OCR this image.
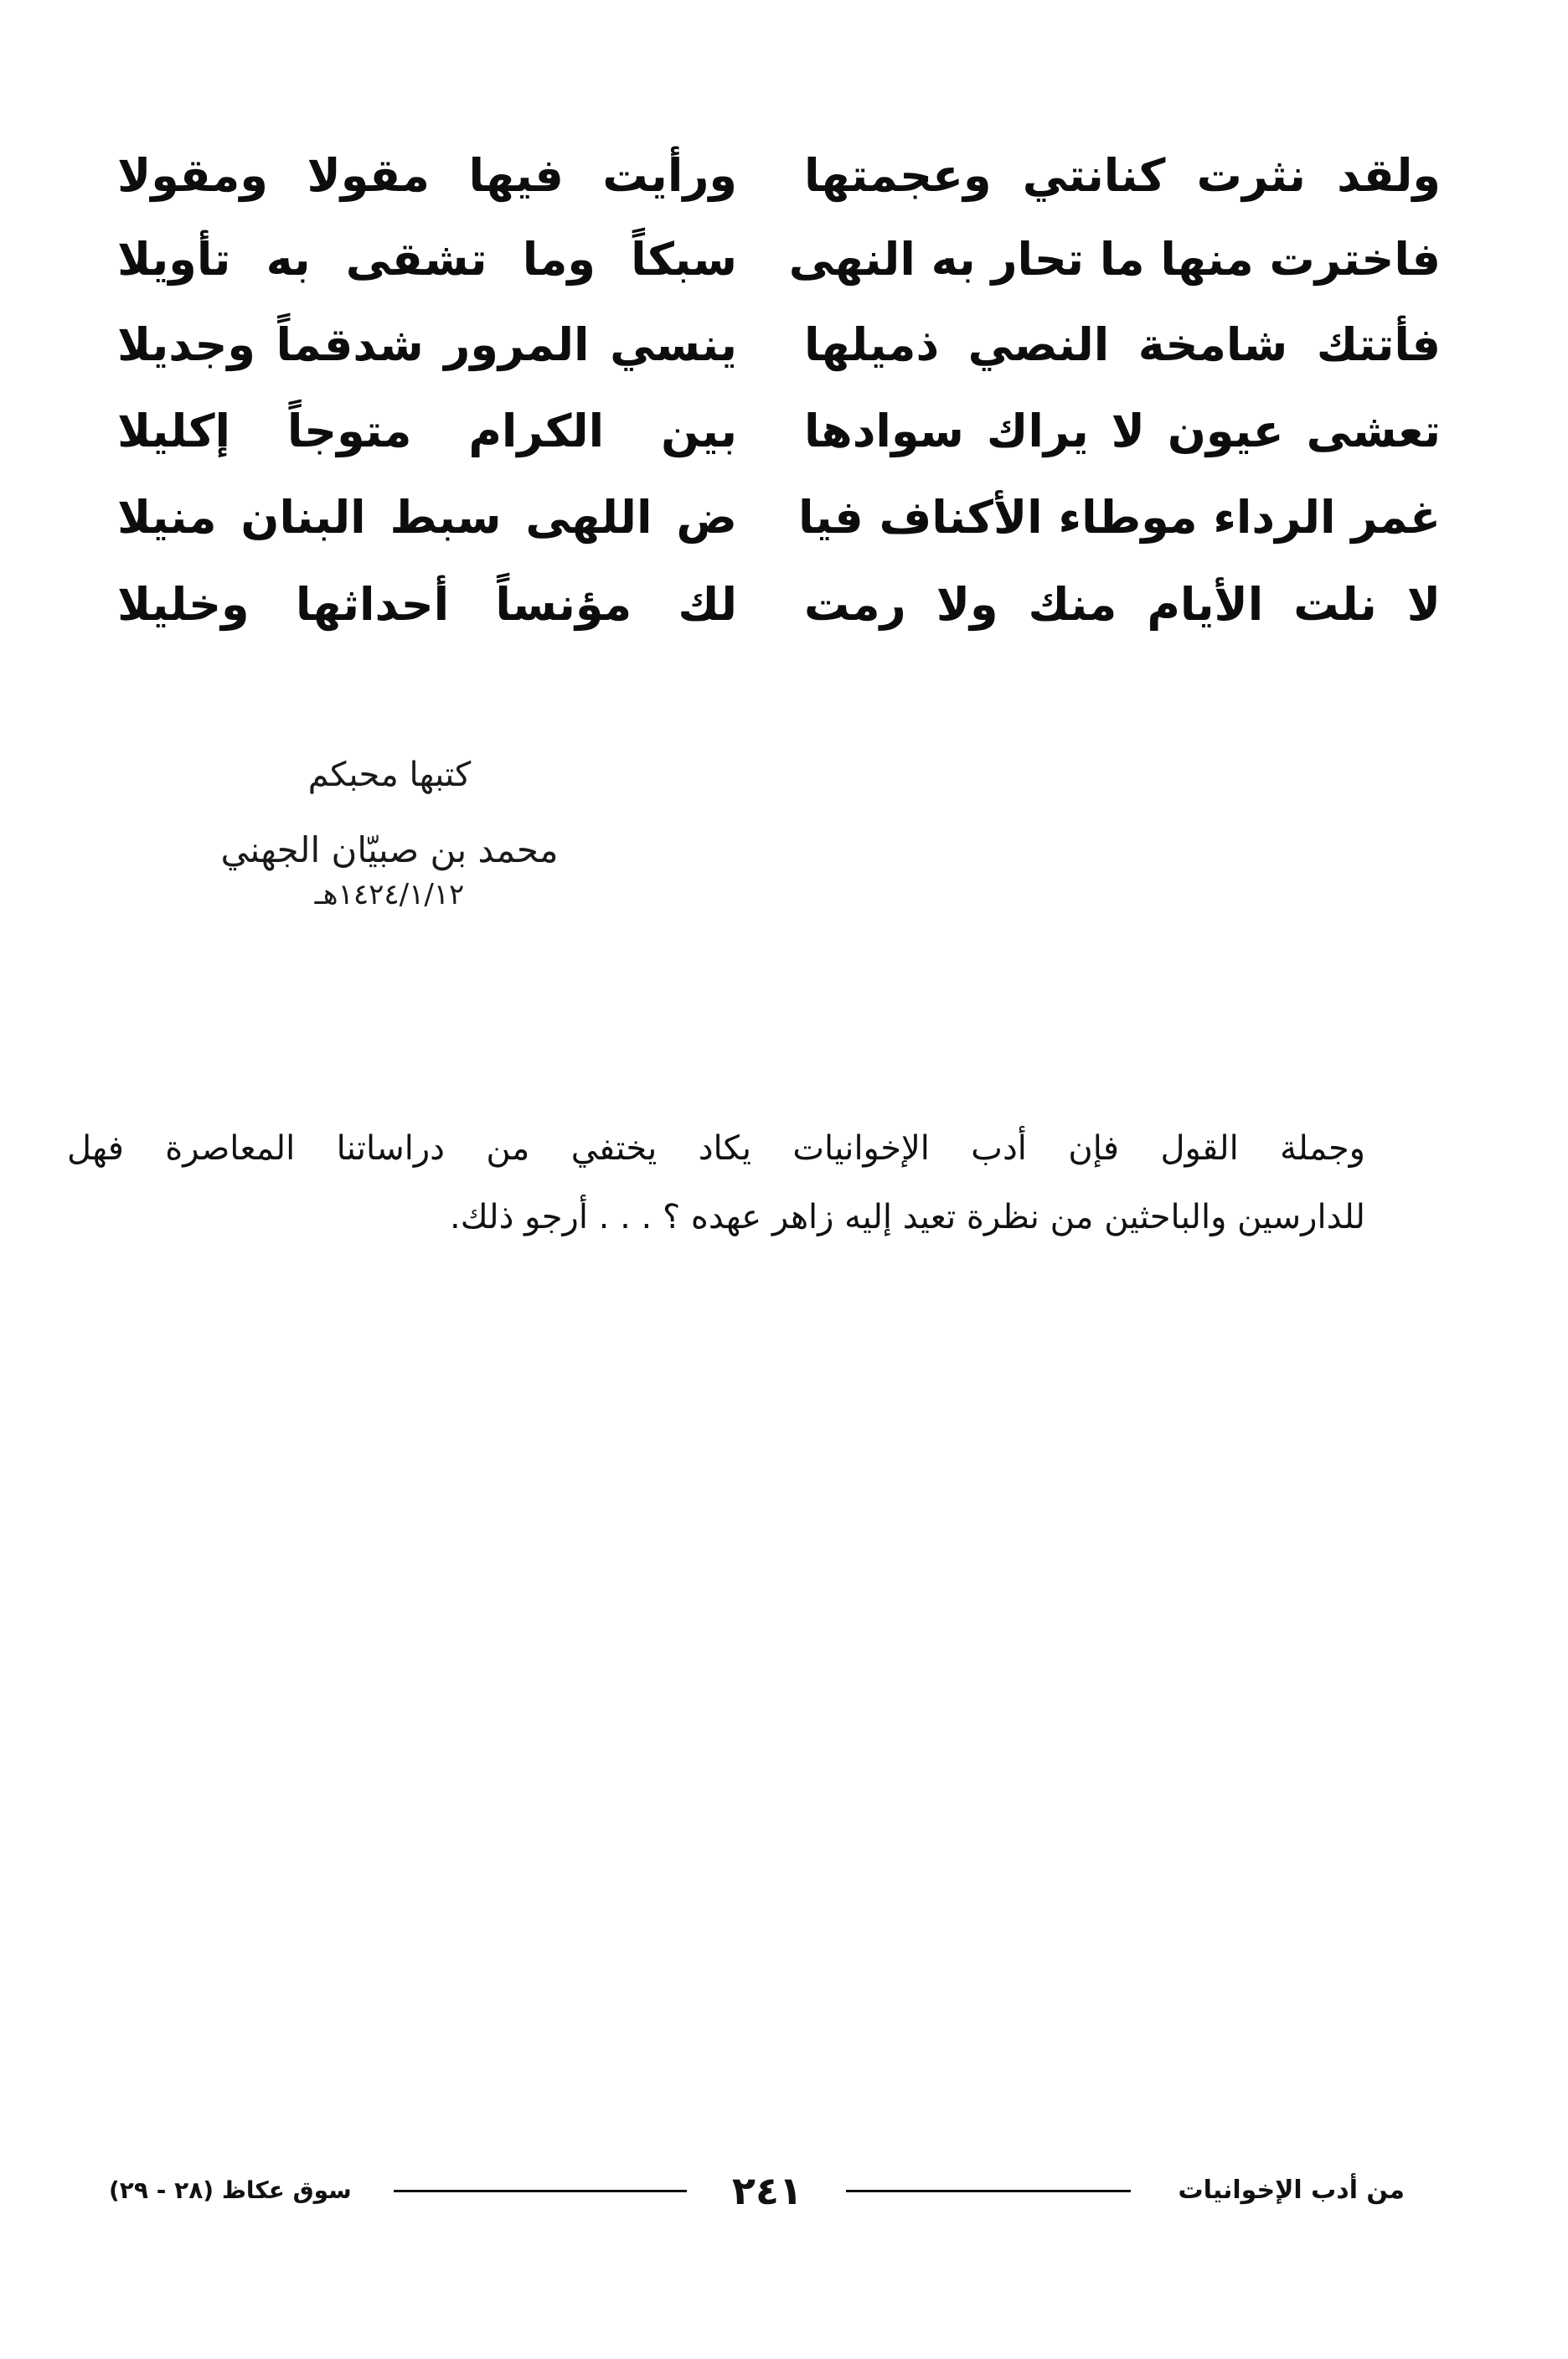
ولقد نثرت كنانتي وعجمتها
ورأيت فيها مقولا ومقولا
فاخترت منها ما تحار به النهى
سبكاً وما تشقى به تأويلا
فأتتك شامخة النصي ذميلها
ينسي المرور شدقماً وجديلا
تعشى عيون لا يراك سوادها
بين الكرام متوجاً إكليلا
غمر الرداء موطاء الأكناف فيا
ض اللهى سبط البنان منيلا
لا نلت الأيام منك ولا رمت
لك مؤنساً أحداثها وخليلا
كتبها محبكم
محمد بن صبيّان الجهني
١٤٢٤/١/١٢هـ
وجملة القول فإن أدب الإخوانيات يكاد يختفي من دراساتنا المعاصرة فهل
للدارسين والباحثين من نظرة تعيد إليه زاهر عهده ؟ . . . أرجو ذلك.
من أدب الإخوانيات
٢٤١
سوق عكاظ (٢٨ - ٢٩)
